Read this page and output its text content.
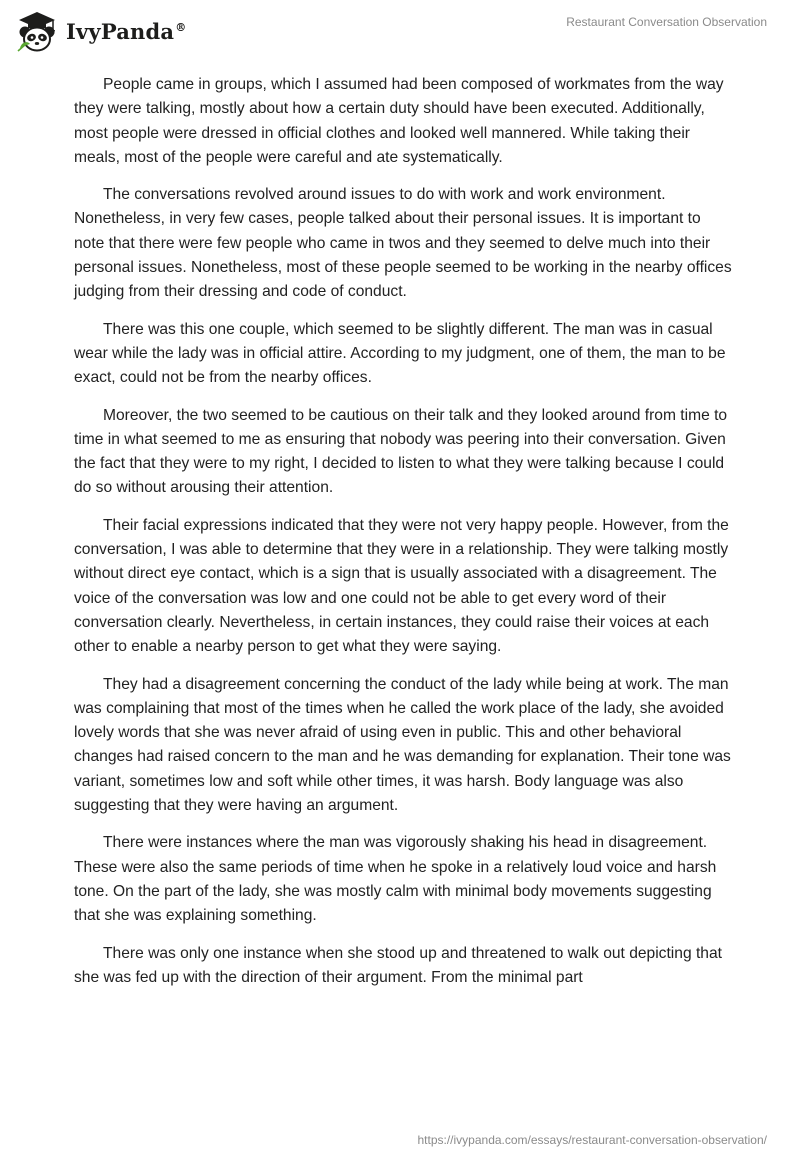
IvyPanda®	Restaurant Conversation Observation

People came in groups, which I assumed had been composed of workmates from the way they were talking, mostly about how a certain duty should have been executed. Additionally, most people were dressed in official clothes and looked well mannered. While taking their meals, most of the people were careful and ate systematically.

The conversations revolved around issues to do with work and work environment. Nonetheless, in very few cases, people talked about their personal issues. It is important to note that there were few people who came in twos and they seemed to delve much into their personal issues. Nonetheless, most of these people seemed to be working in the nearby offices judging from their dressing and code of conduct.

There was this one couple, which seemed to be slightly different. The man was in casual wear while the lady was in official attire. According to my judgment, one of them, the man to be exact, could not be from the nearby offices.

Moreover, the two seemed to be cautious on their talk and they looked around from time to time in what seemed to me as ensuring that nobody was peering into their conversation. Given the fact that they were to my right, I decided to listen to what they were talking because I could do so without arousing their attention.

Their facial expressions indicated that they were not very happy people. However, from the conversation, I was able to determine that they were in a relationship. They were talking mostly without direct eye contact, which is a sign that is usually associated with a disagreement. The voice of the conversation was low and one could not be able to get every word of their conversation clearly. Nevertheless, in certain instances, they could raise their voices at each other to enable a nearby person to get what they were saying.

They had a disagreement concerning the conduct of the lady while being at work. The man was complaining that most of the times when he called the work place of the lady, she avoided lovely words that she was never afraid of using even in public. This and other behavioral changes had raised concern to the man and he was demanding for explanation. Their tone was variant, sometimes low and soft while other times, it was harsh. Body language was also suggesting that they were having an argument.

There were instances where the man was vigorously shaking his head in disagreement. These were also the same periods of time when he spoke in a relatively loud voice and harsh tone. On the part of the lady, she was mostly calm with minimal body movements suggesting that she was explaining something.

There was only one instance when she stood up and threatened to walk out depicting that she was fed up with the direction of their argument. From the minimal part

https://ivypanda.com/essays/restaurant-conversation-observation/
